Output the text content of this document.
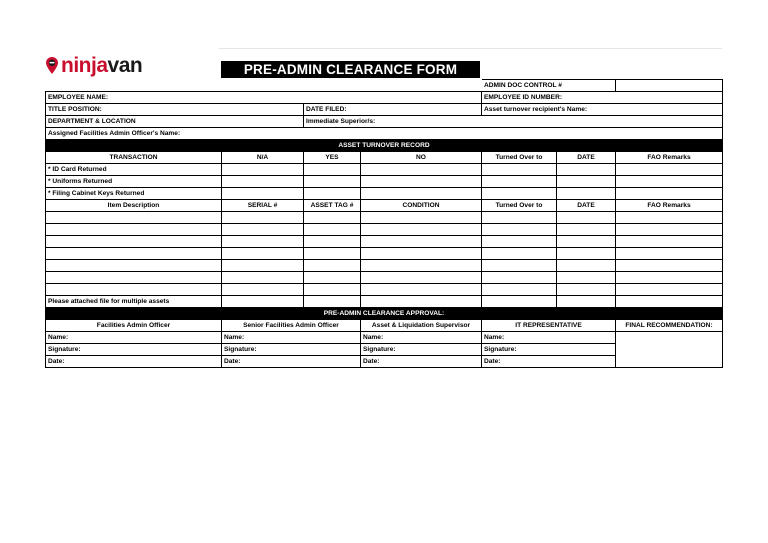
ninjavan	PRE-ADMIN CLEARANCE FORM
				ADMIN DOC CONTROL #		
EMPLOYEE NAME:				EMPLOYEE ID NUMBER:		
TITLE POSITION:		DATE FILED:		Asset turnover recipient's Name:		
DEPARTMENT & LOCATION		Immediate Superior/s:				
Assigned Facilities Admin Officer's Name:						
ASSET TURNOVER RECORD						
TRANSACTION	N/A	YES	NO	Turned Over to	DATE	FAO Remarks
* ID Card Returned						
* Uniforms Returned						
* Filing Cabinet Keys Returned						
Item Description	SERIAL #	ASSET TAG #	CONDITION	Turned Over to	DATE	FAO Remarks

Please attached file for multiple assets						
PRE-ADMIN CLEARANCE APPROVAL:						
Facilities Admin Officer	Senior Facilities Admin Officer		Asset & Liquidation Supervisor	IT REPRESENTATIVE		FINAL RECOMMENDATION:
Name:	Name:		Name:	Name:		
Signature:	Signature:		Signature:	Signature:		
Date:	Date:		Date:	Date:		
